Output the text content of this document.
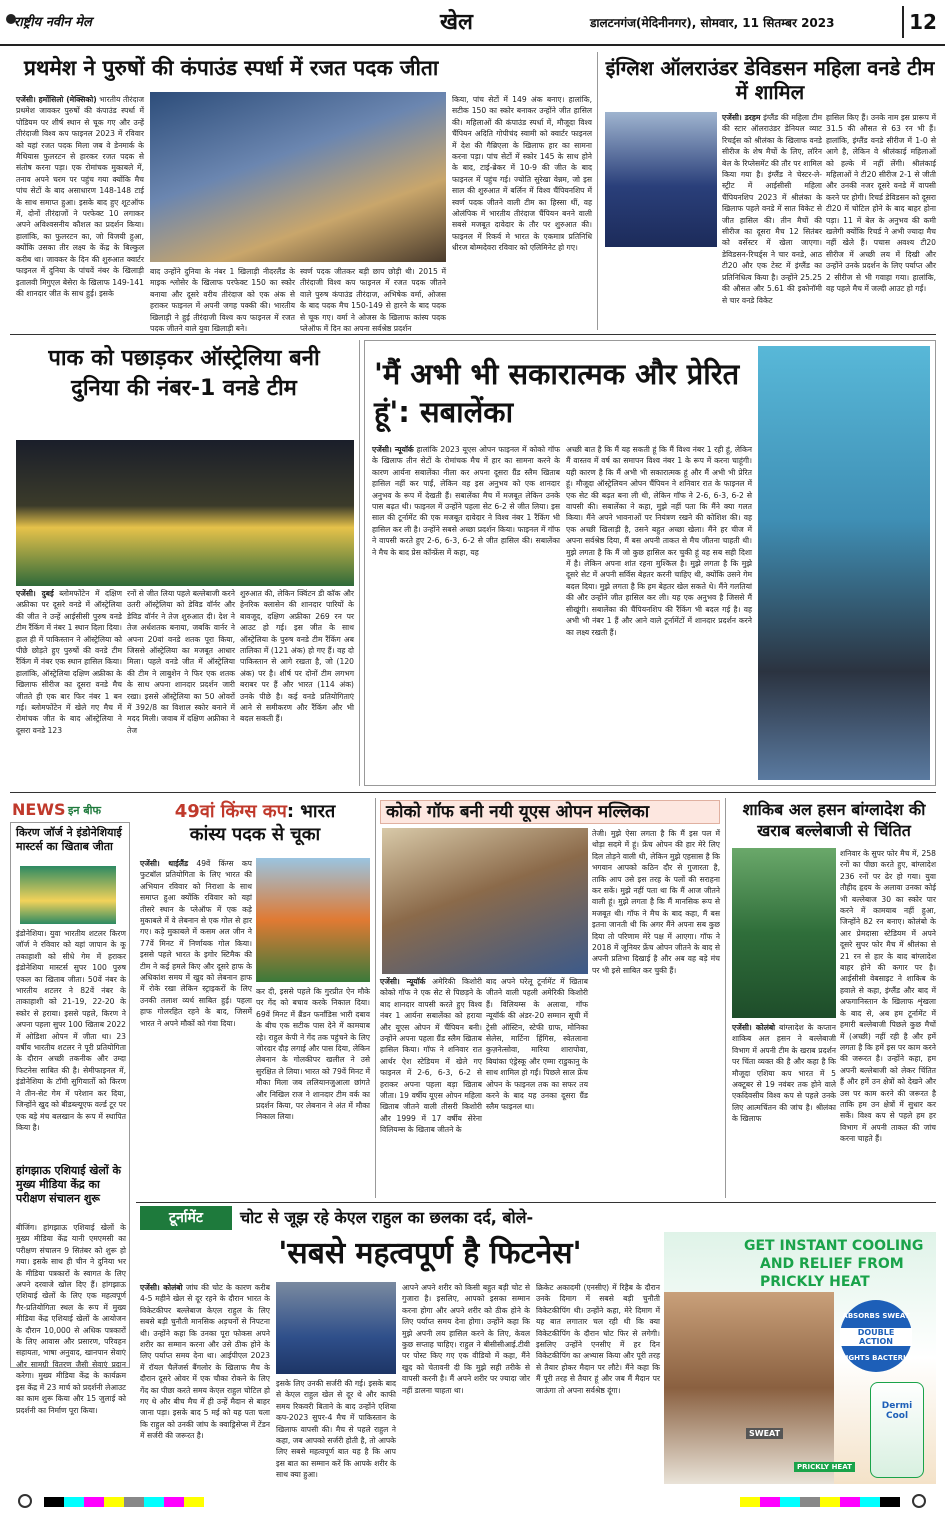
राष्ट्रीय नवीन मेल	खेल	डालटनगंज(मेदिनीनगर), सोमवार, 11 सितम्बर 2023	12
प्रथमेश ने पुरुषों की कंपाउंड स्पर्धा में रजत पदक जीता
एजेंसी। हर्मोसिलो (मेक्सिको) भारतीय तीरंदाज प्रथमेश जावकर पुरुषों की कंपाउंड स्पर्धा में पोडियम पर शीर्ष स्थान से चूक गए और उन्हें तीरंदाजी विश्व कप फाइनल 2023 में रविवार को यहां रजत पदक मिला जब वे डेनमार्क के मैथियास फुलरटन से हारकर रजत पदक से संतोष करना पड़ा। एक रोमांचक मुकाबले में, तनाव अपने चरम पर पहुंच गया क्योंकि मैच पांच सेटों के बाद असाधारण 148-148 टाई के साथ समाप्त हुआ। इसके बाद हुए शूटऑफ में, दोनों तीरंदाजों ने परफेक्ट 10 लगाकर अपने अविश्वसनीय कौशल का प्रदर्शन किया। हालांकि, का फुलरटन का, जो विजयी हुआ, क्योंकि उसका तीर लक्ष्य के केंद्र के बिल्कुल करीब था। जावकर के दिन की शुरुआत क्वार्टर फाइनल में दुनिया के पांचवें नंबर के खिलाड़ी इतालवी मिगुएल बेसेरा के खिलाफ 149-141 की शानदार जीत के साथ हुई। इसके
बाद उन्होंने दुनिया के नंबर 1 खिलाड़ी नीदरलैंड के माइक श्लोसेर के खिलाफ परफेक्ट 150 का स्कोर बनाया और दूसरे वरीय तीरंदाज को एक अंक से हराकर फाइनल में अपनी जगह पक्की की। भारतीय खिलाड़ी ने हुई तीरंदाजी विश्व कप फाइनल में रजत पदक जीतने वाले युवा खिलाड़ी बने।
स्वर्ण पदक जीतकर बड़ी छाप छोड़ी थी। 2015 में तीरंदाजी विश्व कप फाइनल में रजत पदक जीतने वाले पुरुष कंपाउंड तीरंदाज, अभिषेक वर्मा, ओजस के बाद पदक मैच 150-149 से हारने के बाद पदक से चूक गए। वर्मा ने ओजस के खिलाफ कांस्य पदक प्लेऑफ में दिन का अपना सर्वश्रेष्ठ प्रदर्शन
किया, पांच सेटों में 149 अंक बनाए। हालांकि, सटीक 150 का स्कोर बनाकर उन्होंने जीत हासिल की। महिलाओं की कंपाउंड स्पर्धा में, मौजूदा विश्व चैंपियन अदिति गोपीचंद स्वामी को क्वार्टर फाइनल में देश की गैब्रिएला के खिलाफ हार का सामना करना पड़ा। पांच सेटों में स्कोर 145 के साथ होने के बाद, टाई-ब्रेकर में 10-9 की जीत के बाद फाइनल में पहुंच गई। ज्योति सुरेखा वेन्नम, जो इस साल की शुरुआत में बर्लिन में विश्व चैंपियनशिप में स्वर्ण पदक जीतने वाली टीम का हिस्सा थीं, वह ओलंपिक में भारतीय तीरंदाज चैंपियन बनने वाली सबसे मजबूत दावेदार के तौर पर शुरुआत की। फाइनल में रिकर्व मे भारत के एकमात्र प्रतिनिधि धीरज बोम्मदेवरा रविवार को एलिमिनेट हो गए।
इंग्लिश ऑलराउंडर डेविडसन महिला वनडे टीम में शामिल
एजेंसी। डरहम इंग्लैंड की महिला टीम की स्टार ऑलराउंडर डेनियल व्याट रिचर्ड्स को श्रीलंका के खिलाफ वनडे सीरीज के शेष मैचों के लिए, लॉरेन बेल के रिप्लेसमेंट की तौर पर शामिल किया गया है। इंग्लैंड ने चेस्टर-ले-स्ट्रीट में आईसीसी महिला चैंपियनशिप 2023 में श्रीलंका के खिलाफ पहले वनडे में सात विकेट से जीत हासिल की। तीन मैचों की सीरीज का दूसरा मैच 12 सितंबर को वर्सेस्टर में खेला जाएगा। डेविडसन-रिचर्ड्स ने चार वनडे, आठ टी20 और एक टेस्ट में इंग्लैंड का प्रतिनिधित्व किया है। उन्होंने 25.25 की औसत और 5.61 की इकोनॉमी से चार वनडे विकेट
हासिल किए हैं। उनके नाम इस प्रारूप में 31.5 की औसत से 63 रन भी हैं। हालांकि, इंग्लैंड वनडे सीरीज में 1-0 से आगे है, लेकिन वे श्रीलंकाई महिलाओं को हल्के में नहीं लेंगी। श्रीलंकाई महिलाओं ने टी20 सीरीज 2-1 से जीती और उनकी नजर दूसरे वनडे में वापसी करने पर होगी। रिचर्ड डेविडसन को दूसरा टी20 में चोटिल होने के बाद बाहर होना पड़ा। 11 में बेल के अनुभव की कमी खलेगी क्योंकि रिचर्ड ने अभी ज्यादा मैच नहीं खेले हैं। पचास अवश्य टी20 सीरीज में अच्छी लय में दिखी और उन्होंने उनके प्रदर्शन के लिए पर्याप्त और 2 सीरीज से भी गवाहा गया। हालांकि, वह पहले मैच में जल्दी आउट हो गईं।
पाक को पछाड़कर ऑस्ट्रेलिया बनी दुनिया की नंबर-1 वनडे टीम
एजेंसी। दुबई ब्लोमफोंटेन में दक्षिण अफ्रीका पर दूसरे वनडे में ऑस्ट्रेलिया की जीत ने उन्हें आईसीसी पुरुष वनडे टीम रैंकिंग में नंबर 1 स्थान दिला दिया। हाल ही में पाकिस्तान ने ऑस्ट्रेलिया को पीछे छोड़ते हुए पुरुषों की वनडे टीम रैंकिंग में नंबर एक स्थान हासिल किया। हालांकि, ऑस्ट्रेलिया दक्षिण अफ्रीका के खिलाफ सीरीज का दूसरा वनडे मैच जीतते ही एक बार फिर नंबर 1 बन गई। ब्लोमफोंटेन में खेले गए मैच में रोमांचक जीत के बाद ऑस्ट्रेलिया ने दूसरा वनडे 123
रनों से जीत लिया पहले बल्लेबाजी करने उतरी ऑस्ट्रेलिया को डेविड वॉर्नर और डेविड वॉर्नर ने तेज शुरुआत दी। देश ने तेज अर्धशतक बनाया, जबकि वार्नर ने अपना 20वां वनडे शतक पूरा किया, जिससे ऑस्ट्रेलिया का मजबूत आधार मिला। पहले वनडे जीत में ऑस्ट्रेलिया की टीम ने लाबुशेन ने फिर एक शतक के साथ अपना शानदार प्रदर्शन जारी रखा। इससे ऑस्ट्रेलिया का 50 ओवरों में 392/8 का विशाल स्कोर बनाने में मदद मिली। जवाब में दक्षिण अफ्रीका ने तेज
शुरुआत की, लेकिन क्विंटन डी कॉक और हेनरिक क्लासेन की शानदार पारियों के बावजूद, दक्षिण अफ्रीका 269 रन पर आउट हो गई। इस जीत के साथ ऑस्ट्रेलिया के पुरुष वनडे टीम रैंकिंग अब तालिका में (121 अंक) हो गए हैं। वह दो पाकिस्तान से आगे रखता है, जो (120 अंक) पर है। शीर्ष पर दोनों टीम लगभग बराबर पर हैं और भारत (114 अंक) उनके पीछे है। कई वनडे प्रतियोगिताएं आने से समीकरण और रैंकिंग और भी बदल सकती हैं।
'मैं अभी भी सकारात्मक और प्रेरित हूं': सबालेंका
एजेंसी। न्यूयॉर्क हालांकि 2023 यूएस ओपन फाइनल में कोको गॉफ के खिलाफ तीन सेटों के रोमांचक मैच में हार का सामना करने के कारण आर्यना सबालेंका नीला कर अपना दूसरा ग्रैंड स्लैम खिताब हासिल नहीं कर पाईं, लेकिन वह इस अनुभव को एक शानदार अनुभव के रूप में देखती हैं। सबालेंका मैच में मजबूत लेकिन उनके पास बढ़त थी। फाइनल में उन्होंने पहला सेट 6-2 से जीत लिया। इस साल की टूर्नामेंट की एक मजबूत दावेदार ने विश्व नंबर 1 रैंकिंग भी हासिल कर ली है। उन्होंने सबसे अच्छा प्रदर्शन किया। फाइनल में गॉफ ने वापसी करते हुए 2-6, 6-3, 6-2 से जीत हासिल की। सबालेंका ने मैच के बाद प्रेस कॉन्फ्रेंस में कहा, यह
अच्छी बात है कि मैं यह सकती हूं कि मैं विश्व नंबर 1 रही हूं, लेकिन मैं वास्तव में वर्ष का समापन विश्व नंबर 1 के रूप में करना चाहूंगी। यही कारण है कि मैं अभी भी सकारात्मक हूं और मैं अभी भी प्रेरित हूं। मौजूदा ऑस्ट्रेलियन ओपन चैंपियन ने शनिवार रात के फाइनल में एक सेट की बढ़त बना ली थी, लेकिन गॉफ ने 2-6, 6-3, 6-2 से वापसी की। सबालेंका ने कहा, मुझे नहीं पता कि मैंने क्या गलत किया। मैंने अपने भावनाओं पर नियंत्रण रखने की कोशिश की। वह एक अच्छी खिलाड़ी है, उसने बहुत अच्छा खेला। मैंने हर चीज में अपना सर्वश्रेष्ठ दिया, मैं बस अपनी ताकत से मैच जीतना चाहती थी। मुझे लगता है कि मैं जो कुछ हासिल कर चुकी हूं वह सब सही दिशा में है। लेकिन अपना शांत रहना मुश्किल है। मुझे लगता है कि मुझे दूसरे सेट में अपनी सर्विस बेहतर करनी चाहिए थी, क्योंकि उसने गेम बदल दिया। मुझे लगता है कि हम बेहतर खेल सकते थे। मैंने गलतियां की और उन्होंने जीत हासिल कर ली। यह एक अनुभव है जिससे मैं सीखूंगी। सबालेंका की चैंपियनशिप की रैंकिंग भी बदल गई है। वह अभी भी नंबर 1 हैं और आने वाले टूर्नामेंटों में शानदार प्रदर्शन करने का लक्ष्य रखती हैं।
NEWS इन बीफ
किरण जॉर्ज ने इंडोनेशियाई मास्टर्स का खिताब जीता
इंडोनेशिया। युवा भारतीय शटलर किरण जॉर्ज ने रविवार को यहां जापान के कू तकाहाशी को सीधे गेम में हराकर इंडोनेशिया मास्टर्स सुपर 100 पुरुष एकल का खिताब जीता। 50वें नंबर के भारतीय शटलर ने 82वें नंबर के ताकाहाशी को 21-19, 22-20 के स्कोर से हराया। इससे पहले, किरण ने अपना पहला सुपर 100 खिताब 2022 में ओडिशा ओपन में जीता था। 23 वर्षीय भारतीय शटलर ने पूरी प्रतियोगिता के दौरान अच्छी तकनीक और उम्दा फिटनेस साबित की है। सेमीफाइनल में, इंडोनेशिया के टॉमी सुगियार्तो को किरण ने तीन-सेट गेम में परेशान कर दिया, जिन्होंने खुद को बीडब्ल्यूएफ वर्ल्ड टूर पर एक बड़े मंच बलखान के रूप में स्थापित किया है।
हांगझाऊ एशियाई खेलों के मुख्य मीडिया केंद्र का परीक्षण संचालन शुरू
बीजिंग। हांगझाऊ एशियाई खेलों के मुख्य मीडिया केंद्र यानी एमएमसी का परीक्षण संचालन 9 सितंबर को शुरू हो गया। इसके साथ ही चीन ने दुनिया भर के मीडिया पत्रकारों के स्वागत के लिए अपने दरवाजे खोल दिए हैं। हांगझाऊ एशियाई खेलों के लिए एक महत्वपूर्ण गैर-प्रतियोगिता स्थल के रूप में मुख्य मीडिया केंद्र एशियाई खेलों के आयोजन के दौरान 10,000 से अधिक पत्रकारों के लिए आवास और प्रसारण, परिवहन सहायता, भाषा अनुवाद, खानपान सेवाएं और सामग्री वितरण जैसी सेवाएं प्रदान करेगा। मुख्य मीडिया केंद्र के कार्यक्रम इस केंद्र में 23 मार्च को प्रदर्शनी लेआउट का काम शुरू किया और 15 जुलाई को प्रदर्शनी का निर्माण पूरा किया।
49वां किंग्स कप: भारत
कांस्य पदक से चूका
एजेंसी। थाईलैंड 49वें किंग्स कप फुटबॉल प्रतियोगिता के लिए भारत की अभियान रविवार को निराशा के साथ समाप्त हुआ क्योंकि रविवार को यहां तीसरे स्थान के प्लेऑफ में एक कड़े मुकाबले में वे लेबनान से एक गोल से हार गए। कड़े मुकाबले में कसम अल जीन ने 77वें मिनट में निर्णायक गोल किया। इससे पहले भारत के इगोर स्टिमैक की टीम ने कई हमले किए और दूसरे हाफ के अधिकांश समय में खुद को लेबनान हाफ में रोके रखा लेकिन स्ट्राइकरों के लिए उनकी तलाश व्यर्थ साबित हुई। पहला हाफ गोलरहित रहने के बाद, जिसमें भारत ने अपने मौकों को गंवा दिया।
कर दी, इससे पहले कि गुरप्रीत ऐन मौके पर गेंद को बचाव करके निकाल दिया। 69वें मिनट में ब्रैंडन फर्नांडिस भारी दबाव के बीच एक सटीक पास देने में कामयाब रहे। राहुल केपी ने गेंद तक पहुंचने के लिए जोरदार दौड़ लगाई और पास दिया, लेकिन लेबनान के गोलकीपर खलील ने उसे सुरक्षित ले लिया। भारत को 79वें मिनट में मौका मिला जब ललियानजुआला छांगते और निखिल राज ने शानदार टीम वर्क का प्रदर्शन किया, पर लेबनान ने अंत में मौका निकाल लिया।
कोको गॉफ बनी नयी यूएस ओपन मल्लिका
एजेंसी। न्यूयॉर्क अमेरिकी किशोरी कोको गॉफ ने एक सेट से पिछड़ने के बाद शानदार वापसी करते हुए विश्व नंबर 1 आर्यना सबालेंका को हराया और यूएस ओपन में चैंपियन बनी। उन्होंने अपना पहला ग्रैंड स्लैम खिताब हासिल किया। गॉफ ने शनिवार रात आर्थर ऐश स्टेडियम में खेले गए फाइनल में 2-6, 6-3, 6-2 से हराकर अपना पहला बड़ा खिताब जीता। 19 वर्षीय यूएस ओपन महिला खिताब जीतने वाली तीसरी किशोरी और 1999 में 17 वर्षीय सेरेना विलियम्स के खिताब जीतने के
बाद अपने घरेलू टूर्नामेंट में खिताब जीतने वाली पहली अमेरिकी किशोरी हैं। विलियम्स के अलावा, गॉफ न्यूयॉर्क की अंडर-20 सम्मान सूची में ट्रेसी ऑस्टिन, स्टेफी ग्राफ, मोनिका सेलेस, मार्टिना हिंगिस, स्वेतलाना कुज़नेत्सोवा, मारिया शारापोवा, बियांका एंड्रेस्कू और एम्मा राडुकानु के साथ शामिल हो गईं। पिछले साल फ्रेंच ओपन के फाइनल तक का सफर तय करने के बाद यह उनका दूसरा ग्रैंड स्लैम फाइनल था।
तेजी। मुझे ऐसा लगता है कि मैं इस पल में थोड़ा सदमे में हूं। फ्रेंच ओपन की हार मेरे लिए दिल तोड़ने वाली थी, लेकिन मुझे एहसास है कि भगवान आपको कठिन दौर से गुजारता है, ताकि आप उसे इस तरह के पलों की सराहना कर सकें। मुझे नहीं पता था कि मैं आज जीतने वाली हूं। मुझे लगता है कि मैं मानसिक रूप से मजबूत थी। गॉफ ने मैच के बाद कहा, मैं बस इतना जानती थी कि अगर मैंने अपना सब कुछ दिया तो परिणाम मेरे पक्ष में आएगा। गॉफ ने 2018 में जूनियर फ्रेंच ओपन जीतने के बाद से अपनी प्रतिभा दिखाई है और अब वह बड़े मंच पर भी इसे साबित कर चुकी हैं।
शाकिब अल हसन बांग्लादेश की खराब बल्लेबाजी से चिंतित
एजेंसी। कोलंबो बांग्लादेश के कप्तान शाकिब अल हसन ने बल्लेबाजी विभाग में अपनी टीम के खराब प्रदर्शन पर चिंता व्यक्त की है और कहा है कि मौजूदा एशिया कप भारत में 5 अक्टूबर से 19 नवंबर तक होने वाले एकदिवसीय विश्व कप से पहले उनके लिए आत्मचिंतन की जांच है। श्रीलंका के खिलाफ
शनिवार के सुपर फोर मैच में, 258 रनों का पीछा करते हुए, बांग्लादेश 236 रनों पर ढेर हो गया। युवा तौहीद हृदय के अलावा उनका कोई भी बल्लेबाज 30 का स्कोर पार करने में कामयाब नहीं हुआ, जिन्होंने 82 रन बनाए। कोलंबो के आर प्रेमदासा स्टेडियम में अपने दूसरे सुपर फोर मैच में श्रीलंका से 21 रन से हार के बाद बांग्लादेश बाहर होने की कगार पर है। आईसीसी वेबसाइट ने शाकिब के हवाले से कहा, इंग्लैंड और बाद में अफगानिस्तान के खिलाफ शृंखला के बाद से, अब हम टूर्नामेंट में हमारी बल्लेबाजी पिछले कुछ मैचों में (अच्छी) नहीं रही है और हमें लगता है कि हमें इस पर काम करने की जरूरत है। उन्होंने कहा, हम अपनी बल्लेबाजी को लेकर चिंतित हैं और हमें उन क्षेत्रों को देखने और उस पर काम करने की जरूरत है ताकि हम उन क्षेत्रों में सुधार कर सकें। विश्व कप से पहले हम हर विभाग में अपनी ताकत की जांच करना चाहते हैं।
टूर्नामेंट	चोट से जूझ रहे केएल राहुल का छलका दर्द, बोले-
'सबसे महत्वपूर्ण है फिटनेस'
एजेंसी। कोलंबो जांघ की चोट के कारण करीब 4-5 महीने खेल से दूर रहने के दौरान भारत के विकेटकीपर बल्लेबाज केएल राहुल के लिए सबसे बड़ी चुनौती मानसिक अड़चनों से निपटना थी। उन्होंने कहा कि उनका पूरा फोकस अपने शरीर का सम्मान करना और उसे ठीक होने के लिए पर्याप्त समय देना था। आईपीएल 2023 में रॉयल चैलेंजर्स बैंगलोर के खिलाफ मैच के दौरान दूसरे ओवर में एक चौका रोकने के लिए गेंद का पीछा करते समय केएल राहुल चोटिल हो गए थे और बीच मैच में ही उन्हें मैदान से बाहर जाना पड़ा। इसके बाद 5 मई को यह पता चला कि राहुल को उनकी जांघ के क्वाड्रिसेप्स में टेंडन में सर्जरी की जरूरत है।
इसके लिए उनकी सर्जरी की गई। इसके बाद से केएल राहुल खेल से दूर थे और काफी समय रिकवरी बिताने के बाद उन्होंने एशिया कप-2023 सुपर-4 मैच में पाकिस्तान के खिलाफ वापसी की। मैच से पहले राहुल ने कहा, जब आपको सर्जरी होती है, तो आपके लिए सबसे महत्वपूर्ण बात यह है कि आप इस बात का सम्मान करें कि आपके शरीर के साथ क्या हुआ।
आपने अपने शरीर को किसी बहुत बड़ी चोट से गुजारा है। इसलिए, आपको इसका सम्मान करना होगा और अपने शरीर को ठीक होने के लिए पर्याप्त समय देना होगा। उन्होंने कहा कि मुझे अपनी लय हासिल करने के लिए, केवल कुछ सप्ताह चाहिए। राहुल ने बीसीसीआई.टीवी पर पोस्ट किए गए एक वीडियो में कहा, मैंने खुद को चेतावनी दी कि मुझे सही तरीके से वापसी करनी है। मैं अपने शरीर पर ज्यादा जोर नहीं डालना चाहता था।
क्रिकेट अकादमी (एनसीए) में रिहैब के दौरान उनके दिमाग में सबसे बड़ी चुनौती विकेटकीपिंग थी। उन्होंने कहा, मेरे दिमाग में यह बात लगातार चल रही थी कि क्या विकेटकीपिंग के दौरान चोट फिर से लगेगी। इसलिए उन्होंने एनसीए में हर दिन विकेटकीपिंग का अभ्यास किया और पूरी तरह से तैयार होकर मैदान पर लौटे। मैंने कहा कि मैं पूरी तरह से तैयार हूं और जब मैं मैदान पर जाऊंगा तो अपना सर्वश्रेष्ठ दूंगा।
GET INSTANT COOLING
AND RELIEF FROM
PRICKLY HEAT
ABSORBS SWEAT
DOUBLE ACTION
FIGHTS BACTERIA
Dermi Cool
PRICKLY HEAT
SWEAT
